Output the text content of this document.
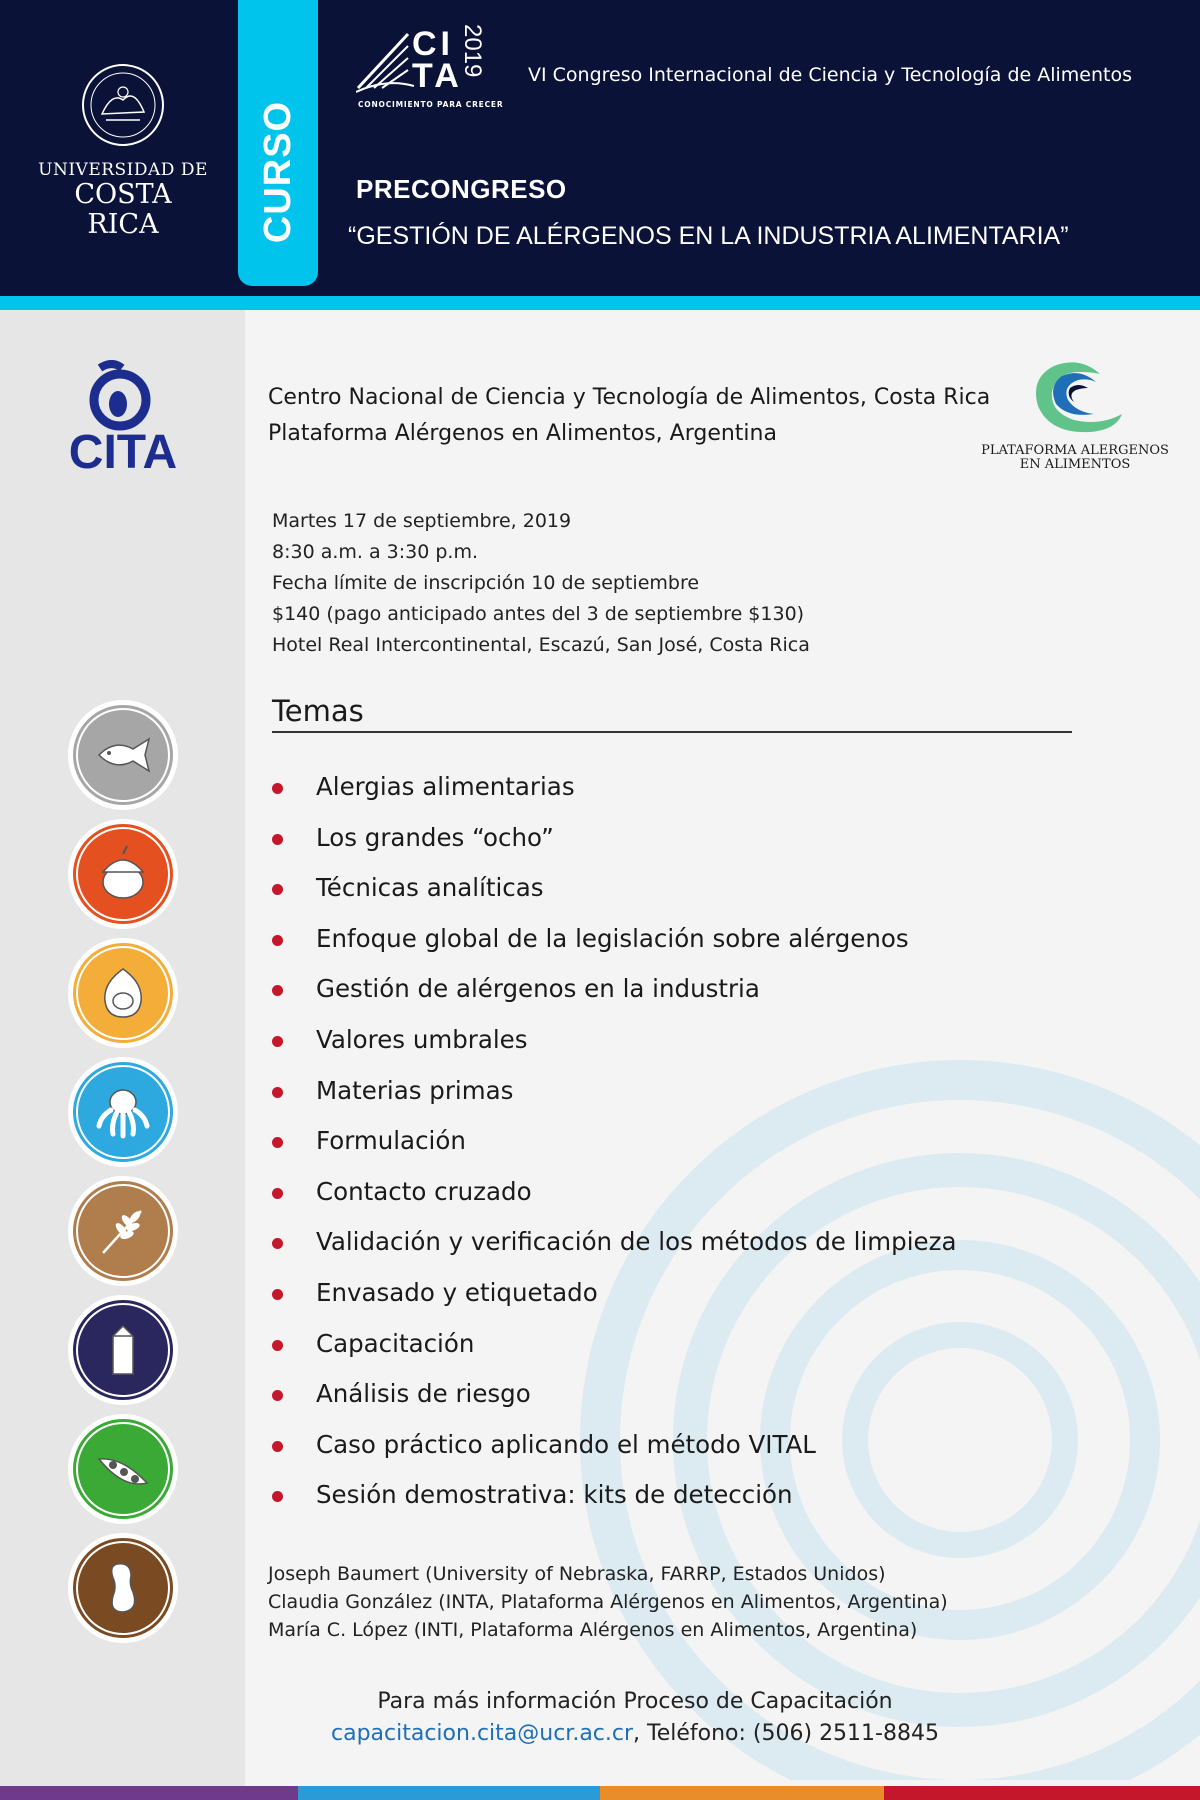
UNIVERSIDAD DE
COSTA RICA	CURSO
CI
TA
2019
CONOCIMIENTO PARA CRECER
VI Congreso Internacional de Ciencia y Tecnología de Alimentos
PRECONGRESO
“GESTIÓN DE ALÉRGENOS EN LA INDUSTRIA ALIMENTARIA”
CITA
Centro Nacional de Ciencia y Tecnología de Alimentos, Costa Rica
Plataforma Alérgenos en Alimentos, Argentina
PLATAFORMA ALERGENOS
EN ALIMENTOS
Martes 17 de septiembre, 2019
8:30 a.m. a 3:30 p.m.
Fecha límite de inscripción 10 de septiembre
$140 (pago anticipado antes del 3 de septiembre $130)
Hotel Real Intercontinental, Escazú, San José, Costa Rica
Temas
Alergias alimentarias
Los grandes “ocho”
Técnicas analíticas
Enfoque global de la legislación sobre alérgenos
Gestión de alérgenos en la industria
Valores umbrales
Materias primas
Formulación
Contacto cruzado
Validación y verificación de los métodos de limpieza
Envasado y etiquetado
Capacitación
Análisis de riesgo
Caso práctico aplicando el método VITAL
Sesión demostrativa: kits de detección
Joseph Baumert (University of Nebraska, FARRP, Estados Unidos)
Claudia González (INTA, Plataforma Alérgenos en Alimentos, Argentina)
María C. López (INTI, Plataforma Alérgenos en Alimentos, Argentina)
Para más información Proceso de Capacitación
capacitacion.cita@ucr.ac.cr, Teléfono: (506) 2511-8845
